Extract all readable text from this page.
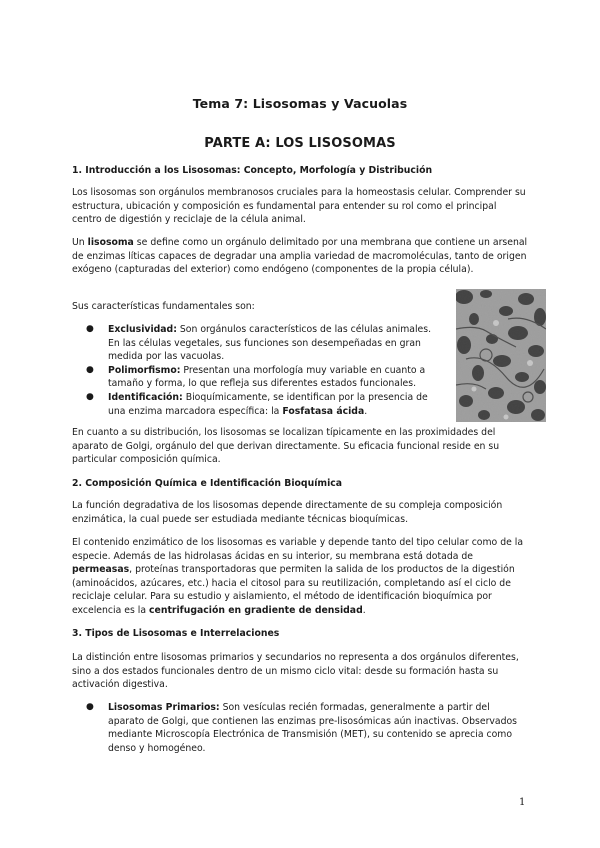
Tema 7: Lisosomas y Vacuolas
PARTE A: LOS LISOSOMAS
1. Introducción a los Lisosomas: Concepto, Morfología y Distribución

Los lisosomas son orgánulos membranosos cruciales para la homeostasis celular. Comprender su estructura, ubicación y composición es fundamental para entender su rol como el principal centro de digestión y reciclaje de la célula animal.

Un lisosoma se define como un orgánulo delimitado por una membrana que contiene un arsenal de enzimas líticas capaces de degradar una amplia variedad de macromoléculas, tanto de origen exógeno (capturadas del exterior) como endógeno (componentes de la propia célula).

Sus características fundamentales son:

● Exclusividad: Son orgánulos característicos de las células animales. En las células vegetales, sus funciones son desempeñadas en gran medida por las vacuolas.
● Polimorfismo: Presentan una morfología muy variable en cuanto a tamaño y forma, lo que refleja sus diferentes estados funcionales.
● Identificación: Bioquímicamente, se identifican por la presencia de una enzima marcadora específica: la Fosfatasa ácida.

En cuanto a su distribución, los lisosomas se localizan típicamente en las proximidades del aparato de Golgi, orgánulo del que derivan directamente. Su eficacia funcional reside en su particular composición química.

2. Composición Química e Identificación Bioquímica

La función degradativa de los lisosomas depende directamente de su compleja composición enzimática, la cual puede ser estudiada mediante técnicas bioquímicas.

El contenido enzimático de los lisosomas es variable y depende tanto del tipo celular como de la especie. Además de las hidrolasas ácidas en su interior, su membrana está dotada de permeasas, proteínas transportadoras que permiten la salida de los productos de la digestión (aminoácidos, azúcares, etc.) hacia el citosol para su reutilización, completando así el ciclo de reciclaje celular. Para su estudio y aislamiento, el método de identificación bioquímica por excelencia es la centrifugación en gradiente de densidad.

3. Tipos de Lisosomas e Interrelaciones

La distinción entre lisosomas primarios y secundarios no representa a dos orgánulos diferentes, sino a dos estados funcionales dentro de un mismo ciclo vital: desde su formación hasta su activación digestiva.

● Lisosomas Primarios: Son vesículas recién formadas, generalmente a partir del aparato de Golgi, que contienen las enzimas pre-lisosómicas aún inactivas. Observados mediante Microscopía Electrónica de Transmisión (MET), su contenido se aprecia como denso y homogéneo.
1
